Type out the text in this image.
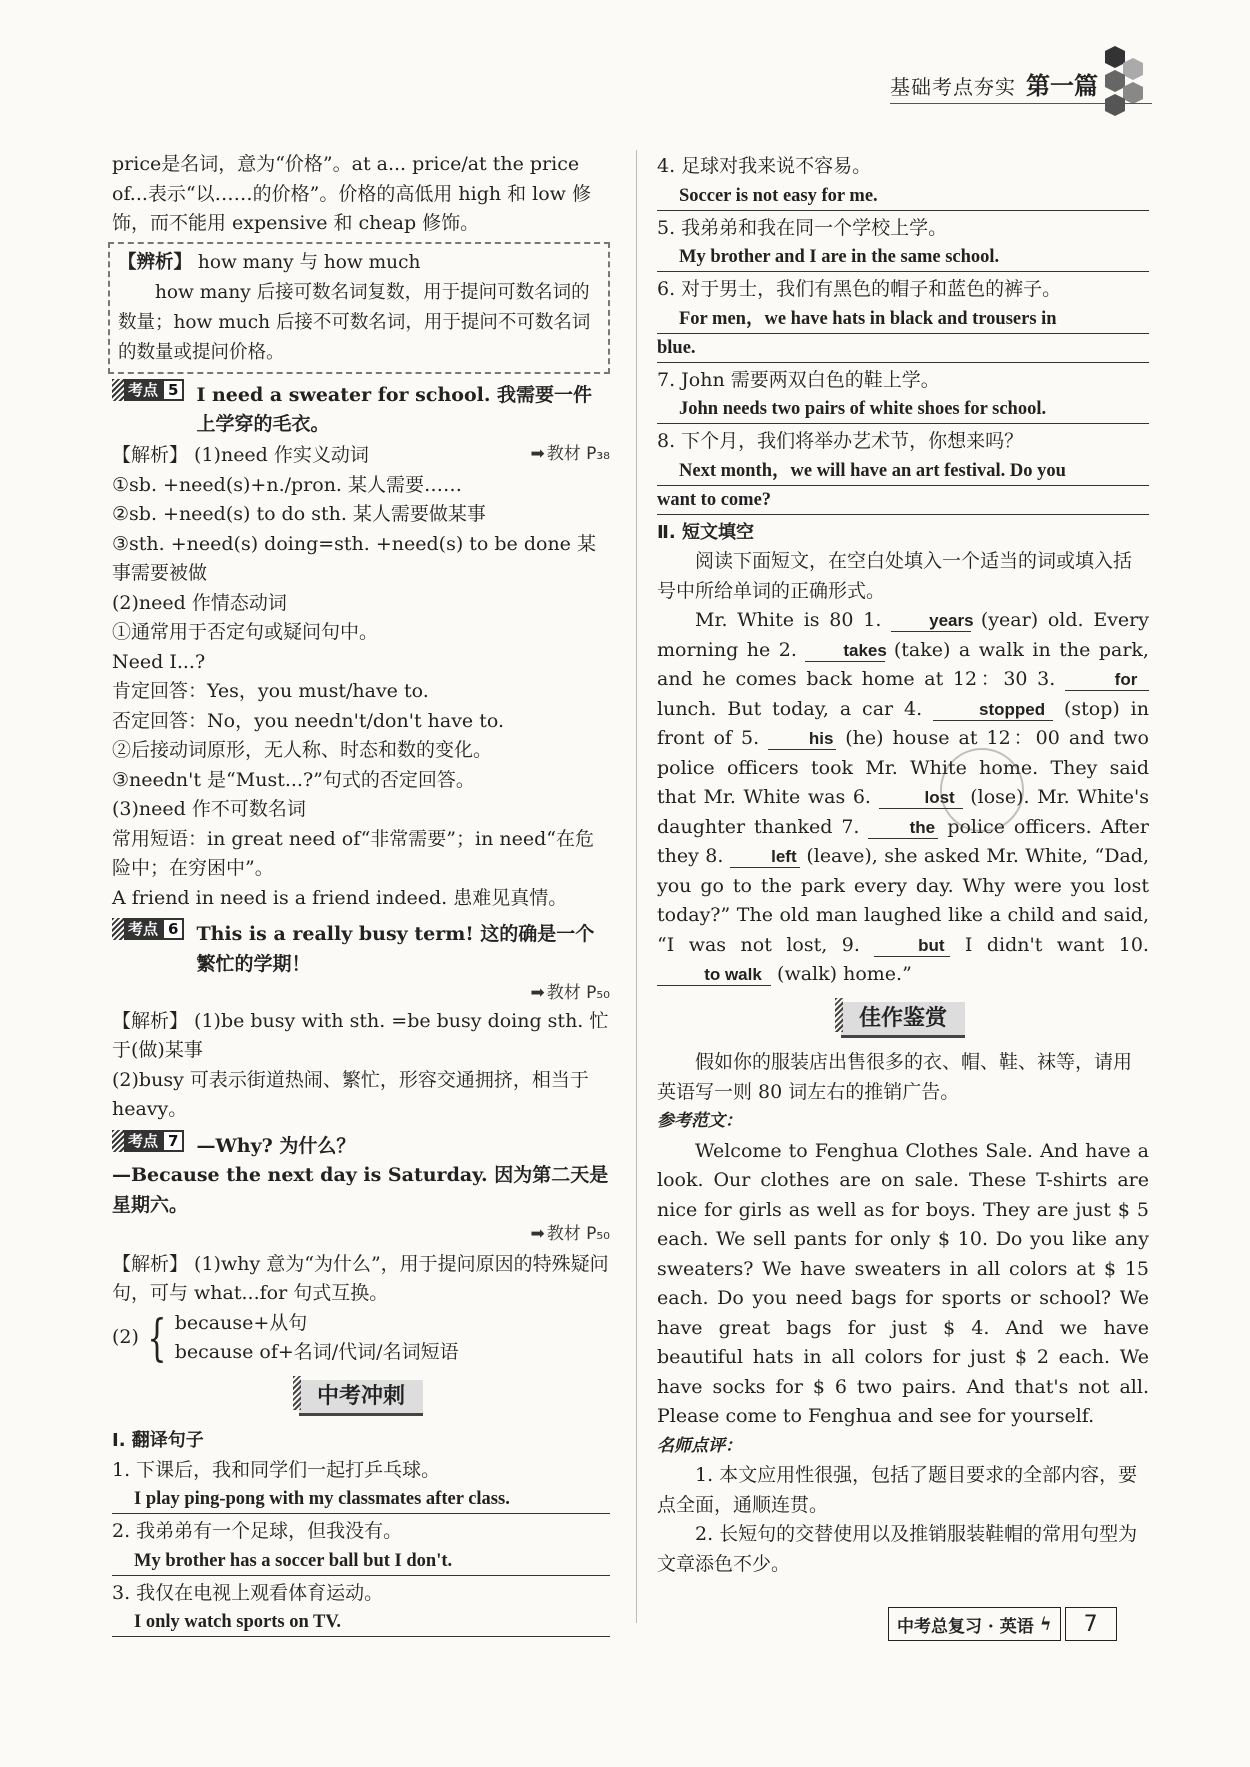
基础考点夯实 第一篇

price是名词，意为“价格”。at a... price/at the price of...表示“以……的价格”。价格的高低用 high 和 low 修饰，而不能用 expensive 和 cheap 修饰。

【辨析】 how many 与 how much

how many 后接可数名词复数，用于提问可数名词的数量；how much 后接不可数名词，用于提问不可数名词的数量或提问价格。

考点 5 I need a sweater for school. 我需要一件上学穿的毛衣。
➡ 教材 P₃₈

【解析】 (1)need 作实义动词

①sb. +need(s)+n./pron. 某人需要……

②sb. +need(s) to do sth. 某人需要做某事

③sth. +need(s) doing=sth. +need(s) to be done 某事需要被做

(2)need 作情态动词

①通常用于否定句或疑问句中。

Need I...?

肯定回答：Yes，you must/have to.

否定回答：No，you needn't/don't have to.

②后接动词原形，无人称、时态和数的变化。

③needn't 是“Must...?”句式的否定回答。

(3)need 作不可数名词

常用短语：in great need of“非常需要”；in need“在危险中；在穷困中”。

A friend in need is a friend indeed. 患难见真情。

考点 6 This is a really busy term! 这的确是一个繁忙的学期！
➡ 教材 P₅₀

【解析】 (1)be busy with sth. =be busy doing sth. 忙于(做)某事

(2)busy 可表示街道热闹、繁忙，形容交通拥挤，相当于 heavy。

考点 7 —Why? 为什么？

—Because the next day is Saturday. 因为第二天是星期六。

➡ 教材 P₅₀

【解析】 (1)why 意为“为什么”，用于提问原因的特殊疑问句，可与 what...for 句式互换。

(2) { because+从句
because of+名词/代词/名词短语
中考冲刺

Ⅰ. 翻译句子

1. 下课后，我和同学们一起打乒乓球。

I play ping-pong with my classmates after class.

2. 我弟弟有一个足球，但我没有。

My brother has a soccer ball but I don't.

3. 我仅在电视上观看体育运动。

I only watch sports on TV.

4. 足球对我来说不容易。

Soccer is not easy for me.

5. 我弟弟和我在同一个学校上学。

My brother and I are in the same school.

6. 对于男士，我们有黑色的帽子和蓝色的裤子。

For men，we have hats in black and trousers in
blue.

7. John 需要两双白色的鞋上学。

John needs two pairs of white shoes for school.

8. 下个月，我们将举办艺术节，你想来吗？

Next month，we will have an art festival. Do you
want to come?

Ⅱ. 短文填空

阅读下面短文，在空白处填入一个适当的词或填入括号中所给单词的正确形式。

Mr. White is 80 1.	years (year) old. Every morning he 2.	takes (take) a walk in the park, and he comes back home at 12：30 3.	for lunch. But today, a car 4.	stopped (stop) in front of 5.	his (he) house at 12：00 and two police officers took Mr. White home. They said that Mr. White was 6.	lost (lose). Mr. White's daughter thanked 7.	the police officers. After they 8.	left (leave), she asked Mr. White, “Dad, you go to the park every day. Why were you lost today?” The old man laughed like a child and said, “I was not lost, 9.	but I didn't want 10. to walk (walk) home.”

佳作鉴赏

假如你的服装店出售很多的衣、帽、鞋、袜等，请用英语写一则 80 词左右的推销广告。

参考范文：

Welcome to Fenghua Clothes Sale. And have a look. Our clothes are on sale. These T-shirts are nice for girls as well as for boys. They are just $ 5 each. We sell pants for only $ 10. Do you like any sweaters? We have sweaters in all colors at $ 15 each. Do you need bags for sports or school? We have great bags for just $ 4. And we have beautiful hats in all colors for just $ 2 each. We have socks for $ 6 two pairs. And that's not all. Please come to Fenghua and see for yourself.

名师点评：

1. 本文应用性很强，包括了题目要求的全部内容，要点全面，通顺连贯。

2. 长短句的交替使用以及推销服装鞋帽的常用句型为文章添色不少。

中考总复习 · 英语 ϟ	7
